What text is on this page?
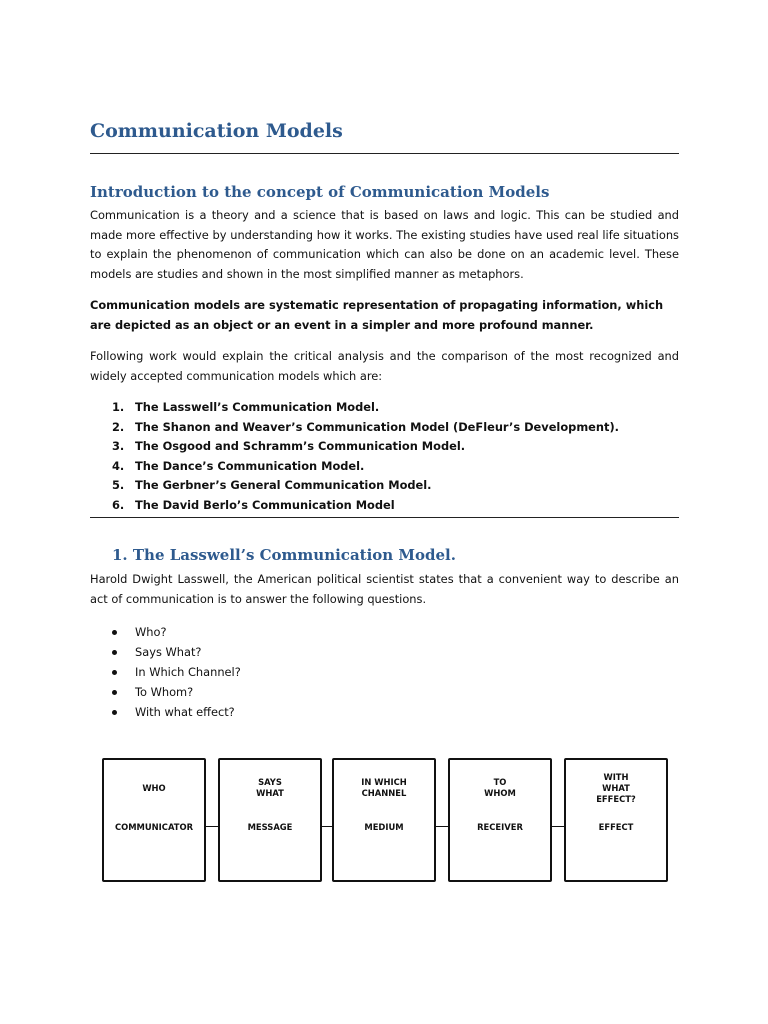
Communication Models
Introduction to the concept of Communication Models

Communication is a theory and a science that is based on laws and logic. This can be studied and made more effective by understanding how it works. The existing studies have used real life situations to explain the phenomenon of communication which can also be done on an academic level. These models are studies and shown in the most simplified manner as metaphors.

Communication models are systematic representation of propagating information, which are depicted as an object or an event in a simpler and more profound manner.

Following work would explain the critical analysis and the comparison of the most recognized and widely accepted communication models which are:

1. The Lasswell’s Communication Model.
2. The Shanon and Weaver’s Communication Model (DeFleur’s Development).
3. The Osgood and Schramm’s Communication Model.
4. The Dance’s Communication Model.
5. The Gerbner’s General Communication Model.
6. The David Berlo’s Communication Model
1. The Lasswell’s Communication Model.

Harold Dwight Lasswell, the American political scientist states that a convenient way to describe an act of communication is to answer the following questions.

Who?
Says What?
In Which Channel?
To Whom?
With what effect?
WHO
COMMUNICATOR
SAYS
WHAT
MESSAGE
IN WHICH
CHANNEL
MEDIUM
TO
WHOM
RECEIVER
WITH
WHAT
EFFECT?
EFFECT
